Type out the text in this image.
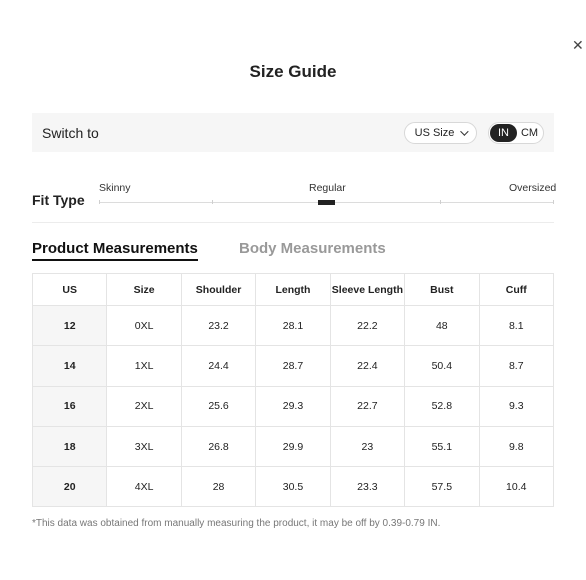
✕
Size Guide
Switch to	US Size	IN	CM
Fit Type
Skinny	Regular	Oversized
Product Measurements	Body Measurements
US	Size	Shoulder	Length	Sleeve Length	Bust	Cuff
12	0XL	23.2	28.1	22.2	48	8.1
14	1XL	24.4	28.7	22.4	50.4	8.7
16	2XL	25.6	29.3	22.7	52.8	9.3
18	3XL	26.8	29.9	23	55.1	9.8
20	4XL	28	30.5	23.3	57.5	10.4
*This data was obtained from manually measuring the product, it may be off by 0.39-0.79 IN.
